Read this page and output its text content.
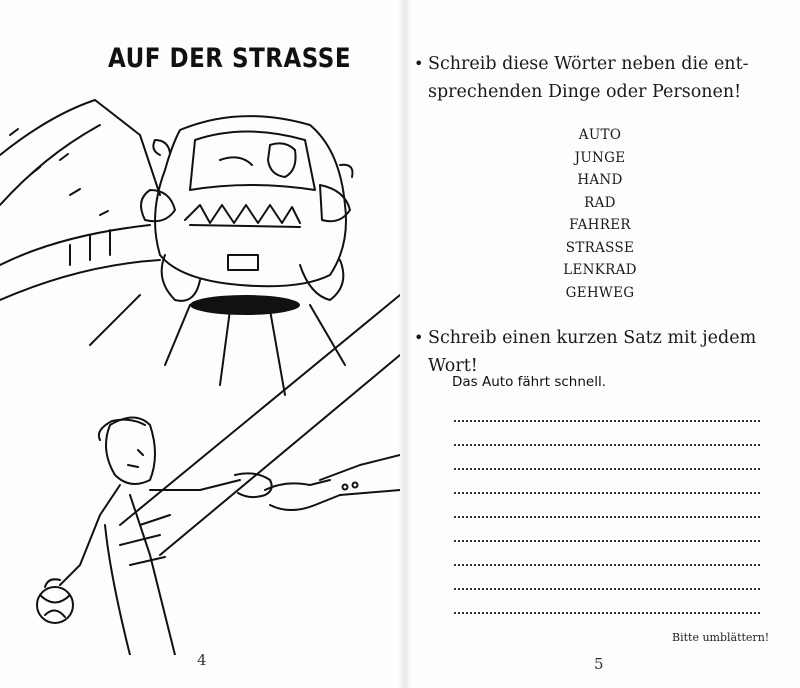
AUF DER STRASSE
4
• Schreib diese Wörter neben die ent-
sprechenden Dinge oder Personen!
AUTO
JUNGE
HAND
RAD
FAHRER
STRASSE
LENKRAD
GEHWEG
• Schreib einen kurzen Satz mit jedem
Wort!
Das Auto fährt schnell.
Bitte umblättern!
5
